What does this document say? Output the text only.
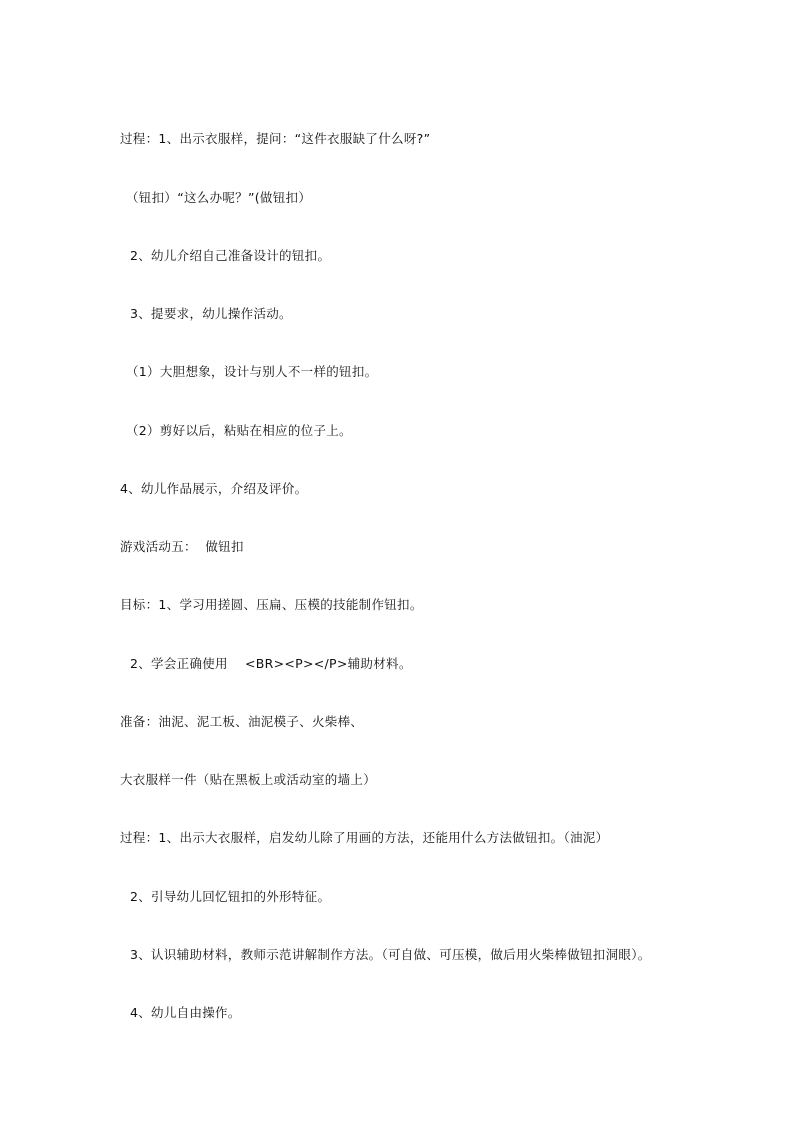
过程：1、出示衣服样，提问：“这件衣服缺了什么呀?”
（钮扣）“这么办呢？”(做钮扣）
2、幼儿介绍自己准备设计的钮扣。
3、提要求，幼儿操作活动。
（1）大胆想象，设计与别人不一样的钮扣。
（2）剪好以后，粘贴在相应的位子上。
4、幼儿作品展示，介绍及评价。
游戏活动五：  做钮扣
目标：1、学习用搓圆、压扁、压模的技能制作钮扣。
2、学会正确使用    <BR><P></P>辅助材料。
准备：油泥、泥工板、油泥模子、火柴棒、
大衣服样一件（贴在黑板上或活动室的墙上）
过程：1、出示大衣服样，启发幼儿除了用画的方法，还能用什么方法做钮扣。（油泥）
2、引导幼儿回忆钮扣的外形特征。
3、认识辅助材料，教师示范讲解制作方法。（可自做、可压模，做后用火柴棒做钮扣洞眼）。
4、幼儿自由操作。
